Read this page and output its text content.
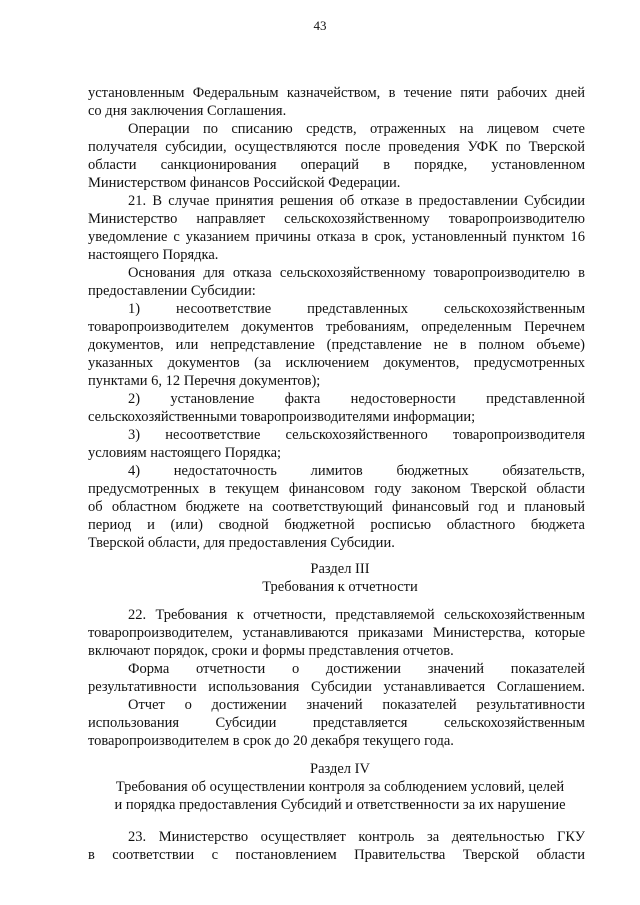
43
установленным Федеральным казначейством, в течение пяти рабочих дней
со дня заключения Соглашения.
Операции по списанию средств, отраженных на лицевом счете
получателя субсидии, осуществляются после проведения УФК по Тверской
области санкционирования операций в порядке, установленном
Министерством финансов Российской Федерации.
21. В случае принятия решения об отказе в предоставлении Субсидии
Министерство направляет сельскохозяйственному товаропроизводителю
уведомление с указанием причины отказа в срок, установленный пунктом 16
настоящего Порядка.
Основания для отказа сельскохозяйственному товаропроизводителю в
предоставлении Субсидии:
1) несоответствие представленных сельскохозяйственным
товаропроизводителем документов требованиям, определенным Перечнем
документов, или непредставление (представление не в полном объеме)
указанных документов (за исключением документов, предусмотренных
пунктами 6, 12 Перечня документов);
2) установление факта недостоверности представленной
сельскохозяйственными товаропроизводителями информации;
3) несоответствие сельскохозяйственного товаропроизводителя
условиям настоящего Порядка;
4) недостаточность лимитов бюджетных обязательств,
предусмотренных в текущем финансовом году законом Тверской области
об областном бюджете на соответствующий финансовый год и плановый
период и (или) сводной бюджетной росписью областного бюджета
Тверской области, для предоставления Субсидии.
Раздел III
Требования к отчетности
22. Требования к отчетности, представляемой сельскохозяйственным
товаропроизводителем, устанавливаются приказами Министерства, которые
включают порядок, сроки и формы представления отчетов.
Форма отчетности о достижении значений показателей
результативности использования Субсидии устанавливается Соглашением.
Отчет о достижении значений показателей результативности
использования Субсидии представляется сельскохозяйственным
товаропроизводителем в срок до 20 декабря текущего года.
Раздел IV
Требования об осуществлении контроля за соблюдением условий, целей
и порядка предоставления Субсидий и ответственности за их нарушение
23. Министерство осуществляет контроль за деятельностью ГКУ
в соответствии с постановлением Правительства Тверской области
